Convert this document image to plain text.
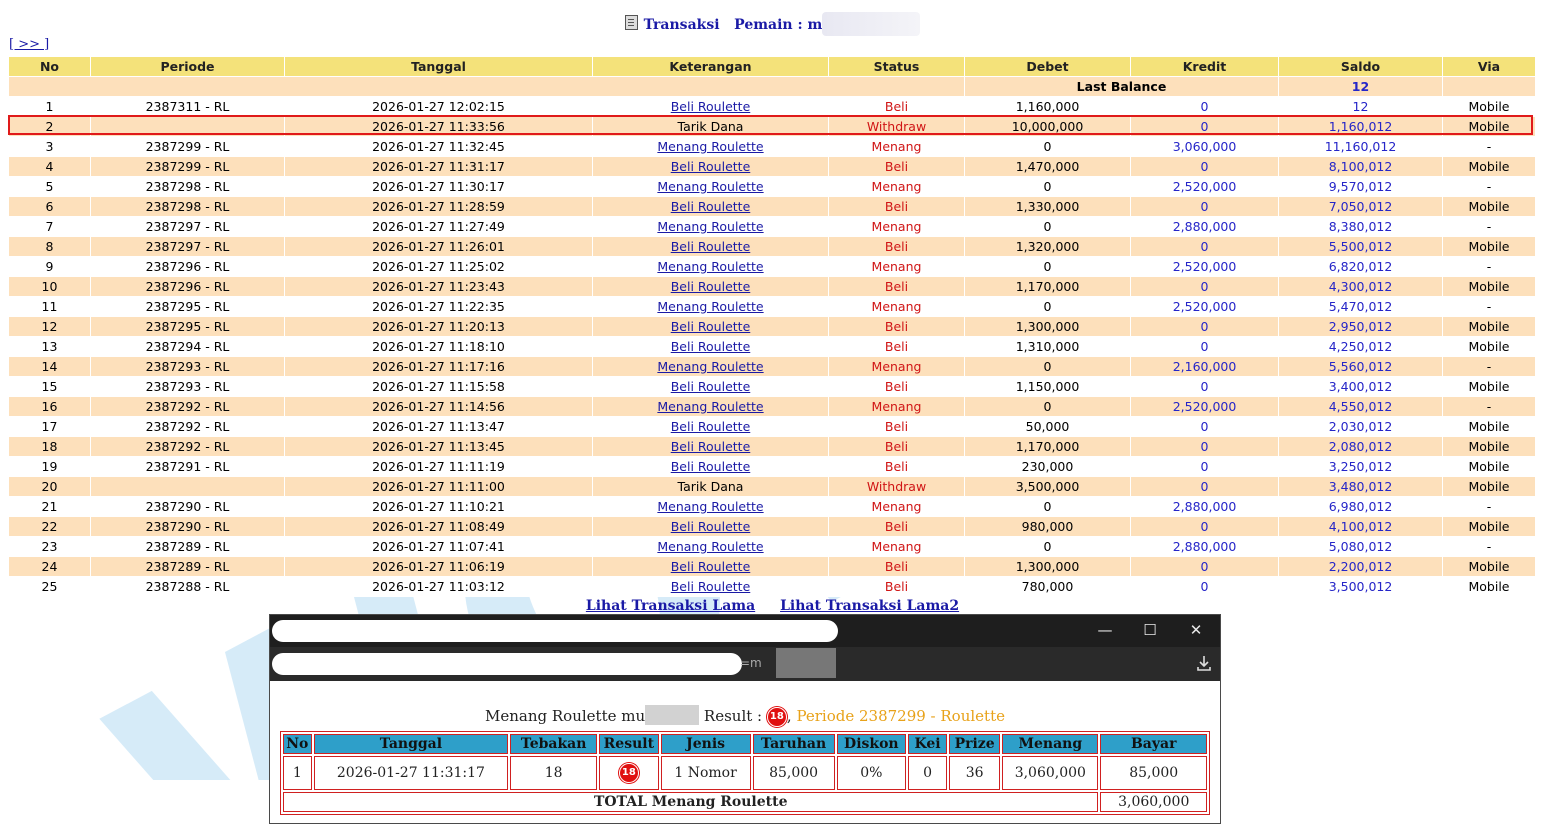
Transaksi Pemain : m
[ >> ]
No	Periode	Tanggal	Keterangan	Status	Debet	Kredit	Saldo	Via
					Last Balance		12	
1	2387311 - RL	2026-01-27 12:02:15	Beli Roulette	Beli	1,160,000	0	12	Mobile
2		2026-01-27 11:33:56	Tarik Dana	Withdraw	10,000,000	0	1,160,012	Mobile
3	2387299 - RL	2026-01-27 11:32:45	Menang Roulette	Menang	0	3,060,000	11,160,012	-
4	2387299 - RL	2026-01-27 11:31:17	Beli Roulette	Beli	1,470,000	0	8,100,012	Mobile
5	2387298 - RL	2026-01-27 11:30:17	Menang Roulette	Menang	0	2,520,000	9,570,012	-
6	2387298 - RL	2026-01-27 11:28:59	Beli Roulette	Beli	1,330,000	0	7,050,012	Mobile
7	2387297 - RL	2026-01-27 11:27:49	Menang Roulette	Menang	0	2,880,000	8,380,012	-
8	2387297 - RL	2026-01-27 11:26:01	Beli Roulette	Beli	1,320,000	0	5,500,012	Mobile
9	2387296 - RL	2026-01-27 11:25:02	Menang Roulette	Menang	0	2,520,000	6,820,012	-
10	2387296 - RL	2026-01-27 11:23:43	Beli Roulette	Beli	1,170,000	0	4,300,012	Mobile
11	2387295 - RL	2026-01-27 11:22:35	Menang Roulette	Menang	0	2,520,000	5,470,012	-
12	2387295 - RL	2026-01-27 11:20:13	Beli Roulette	Beli	1,300,000	0	2,950,012	Mobile
13	2387294 - RL	2026-01-27 11:18:10	Beli Roulette	Beli	1,310,000	0	4,250,012	Mobile
14	2387293 - RL	2026-01-27 11:17:16	Menang Roulette	Menang	0	2,160,000	5,560,012	-
15	2387293 - RL	2026-01-27 11:15:58	Beli Roulette	Beli	1,150,000	0	3,400,012	Mobile
16	2387292 - RL	2026-01-27 11:14:56	Menang Roulette	Menang	0	2,520,000	4,550,012	-
17	2387292 - RL	2026-01-27 11:13:47	Beli Roulette	Beli	50,000	0	2,030,012	Mobile
18	2387292 - RL	2026-01-27 11:13:45	Beli Roulette	Beli	1,170,000	0	2,080,012	Mobile
19	2387291 - RL	2026-01-27 11:11:19	Beli Roulette	Beli	230,000	0	3,250,012	Mobile
20		2026-01-27 11:11:00	Tarik Dana	Withdraw	3,500,000	0	3,480,012	Mobile
21	2387290 - RL	2026-01-27 11:10:21	Menang Roulette	Menang	0	2,880,000	6,980,012	-
22	2387290 - RL	2026-01-27 11:08:49	Beli Roulette	Beli	980,000	0	4,100,012	Mobile
23	2387289 - RL	2026-01-27 11:07:41	Menang Roulette	Menang	0	2,880,000	5,080,012	-
24	2387289 - RL	2026-01-27 11:06:19	Beli Roulette	Beli	1,300,000	0	2,200,012	Mobile
25	2387288 - RL	2026-01-27 11:03:12	Beli Roulette	Beli	780,000	0	3,500,012	Mobile
Lihat Transaksi Lama Lihat Transaksi Lama2
— ☐ ✕
=m
Menang Roulette mu	Result : 18 , Periode 2387299 - Roulette
No	Tanggal	Tebakan	Result	Jenis	Taruhan	Diskon	Kei	Prize	Menang	Bayar
1	2026-01-27 11:31:17	18	18	1 Nomor	85,000	0%	0	36	3,060,000	85,000
TOTAL Menang Roulette										3,060,000
